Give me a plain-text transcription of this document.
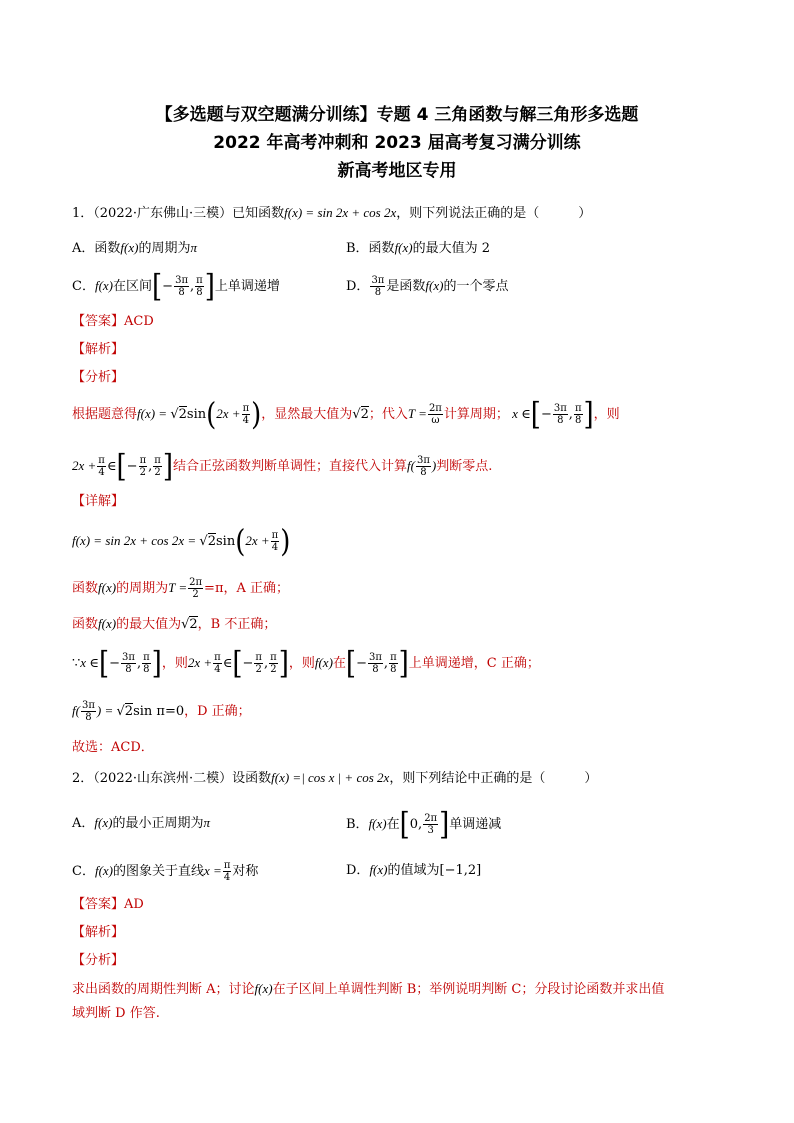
【多选题与双空题满分训练】专题 4 三角函数与解三角形多选题
2022 年高考冲刺和 2023 届高考复习满分训练
新高考地区专用
1．（2022·广东佛山·三模）已知函数f(x) = sin 2x + cos 2x，则下列说法正确的是（　　　）
A．函数f(x)的周期为π	B．函数f(x)的最大值为 2
C．f(x)在区间[− $\frac{3\pi}{8}$ , $\frac{\pi}{8}$ ]上单调递增	D． $\frac{3\pi}{8}$ 是函数f(x)的一个零点
【答案】ACD
【解析】
【分析】
根据题意得$f(x) = √2\sin(2x + \frac{\pi}{4}$ )，显然最大值为√2；代入$T = \frac{2\pi}{\omega}$ 计算周期； x ∈[− $\frac{3\pi}{8}$ , $\frac{\pi}{8}$ ]，则
$2x + \frac{\pi}{4}$ ∈[− $\frac{\pi}{2}$ , $\frac{\pi}{2}$ ]结合正弦函数判断单调性；直接代入计算$f( \frac{3\pi}{8}$ )判断零点.
【详解】
$f(x) = \sin 2x + \cos 2x = √2\sin(2x + \frac{\pi}{4}$ )
函数f(x)的周期为$T = \frac{2\pi}{2} =\pi$，A 正确；
函数f(x)的最大值为√2，B 不正确；
∵x ∈[− $\frac{3\pi}{8}$ , $\frac{\pi}{8}$ ]，则$2x + \frac{\pi}{4}$ ∈[− $\frac{\pi}{2}$ , $\frac{\pi}{2}$ ]，则f(x)在[− $\frac{3\pi}{8}$ , $\frac{\pi}{8}$ ]上单调递增，C 正确；
$f( \frac{3\pi}{8}$ ) = √2sin π=0，D 正确；
故选：ACD．
2．（2022·山东滨州·二模）设函数f(x) =| cos x | + cos 2x，则下列结论中正确的是（　　　）
A．f(x)的最小正周期为π	B．f(x)在[0, $\frac{2\pi}{3}$ ]单调递减
C．f(x)的图象关于直线$x = \frac{\pi}{4}$ 对称	D．f(x)的值域为[−1,2]
【答案】AD
【解析】
【分析】
求出函数的周期性判断 A；讨论f(x)在子区间上单调性判断 B；举例说明判断 C；分段讨论函数并求出值
域判断 D 作答.
